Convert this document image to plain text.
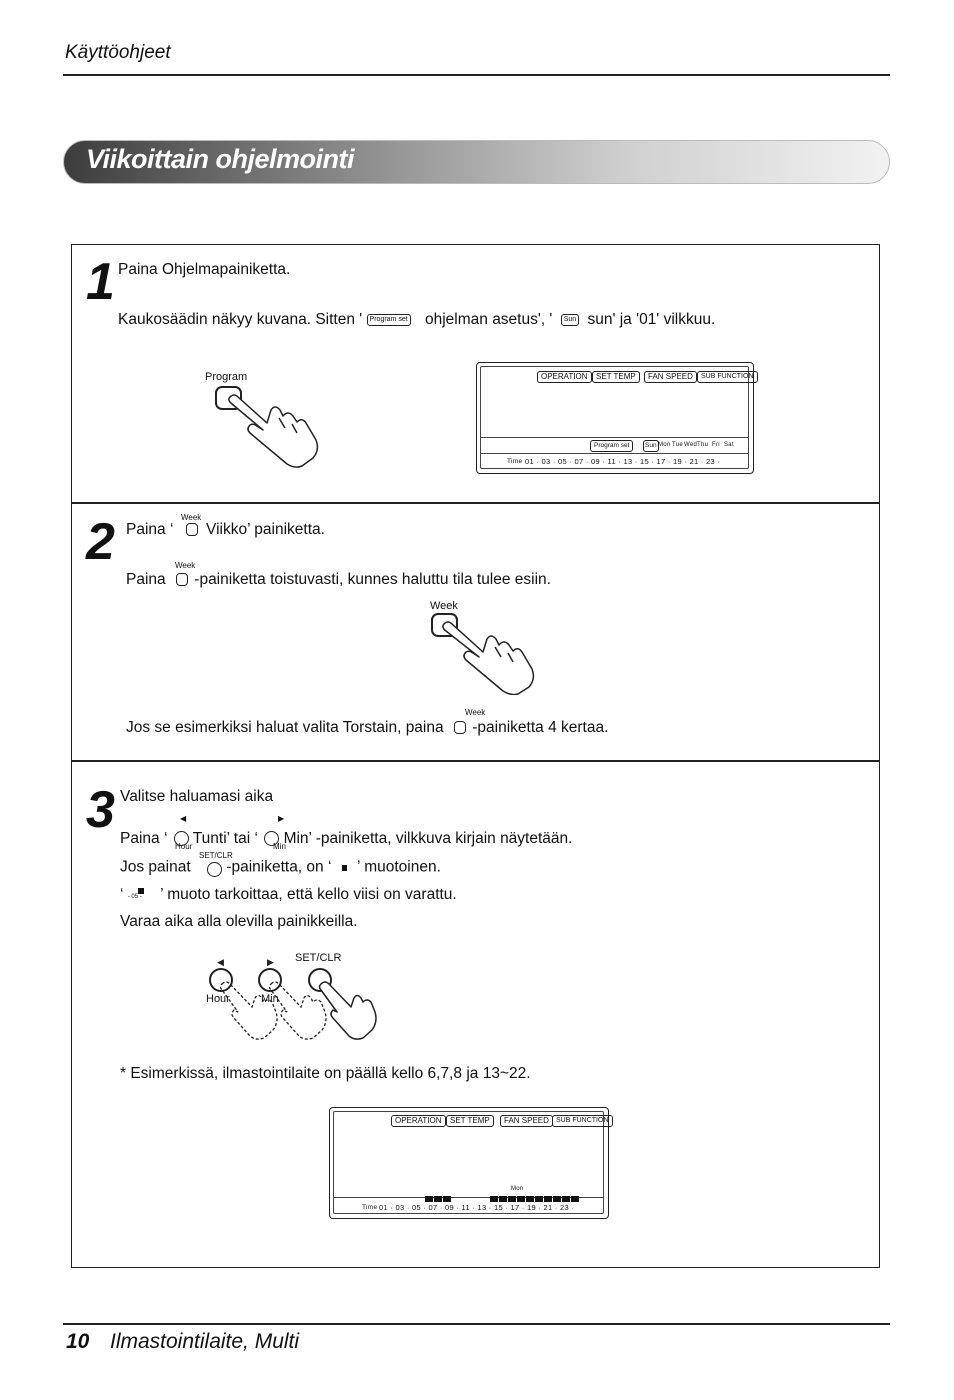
Käyttöohjeet
Viikoittain ohjelmointi
1 Paina Ohjelmapainiketta.
Kaukosäädin näkyy kuvana. Sitten ' Program set ohjelman asetus', ' Sun sun' ja '01' vilkkuu.
Program	OPERATION	SET TEMP	FAN SPEED	SUB FUNCTION
Program set	Sun Mon Tue Wed Thu Fri Sat
Time 01 · 03 · 05 · 07 · 09 · 11 · 13 · 15 · 17 · 19 · 21 · 23 ·
2	Week
Paina ‘ Viikko’ painiketta.
Week
Paina -painiketta toistuvasti, kunnes haluttu tila tulee esiin.
Week
Week
Jos se esimerkiksi haluat valita Torstain, paina -painiketta 4 kertaa.
3 Valitse haluamasi aika
◀	▶
Paina ‘ Tunti’ tai ‘ Min’ -painiketta, vilkkuva kirjain näytetään.
Hour	Min
SET/CLR
Jos painat -painiketta, on ‘ ’ muotoinen.
‘ - 05 - ’ muoto tarkoittaa, että kello viisi on varattu.
Varaa aika alla olevilla painikkeilla.
SET/CLR
Hour	Min
◀	▶
* Esimerkissä, ilmastointilaite on päällä kello 6,7,8 ja 13~22.
OPERATION	SET TEMP	FAN SPEED	SUB FUNCTION
Mon
Time 01 · 03 · 05 · 07 · 09 · 11 · 13 · 15 · 17 · 19 · 21 · 23 ·
10 Ilmastointilaite, Multi
